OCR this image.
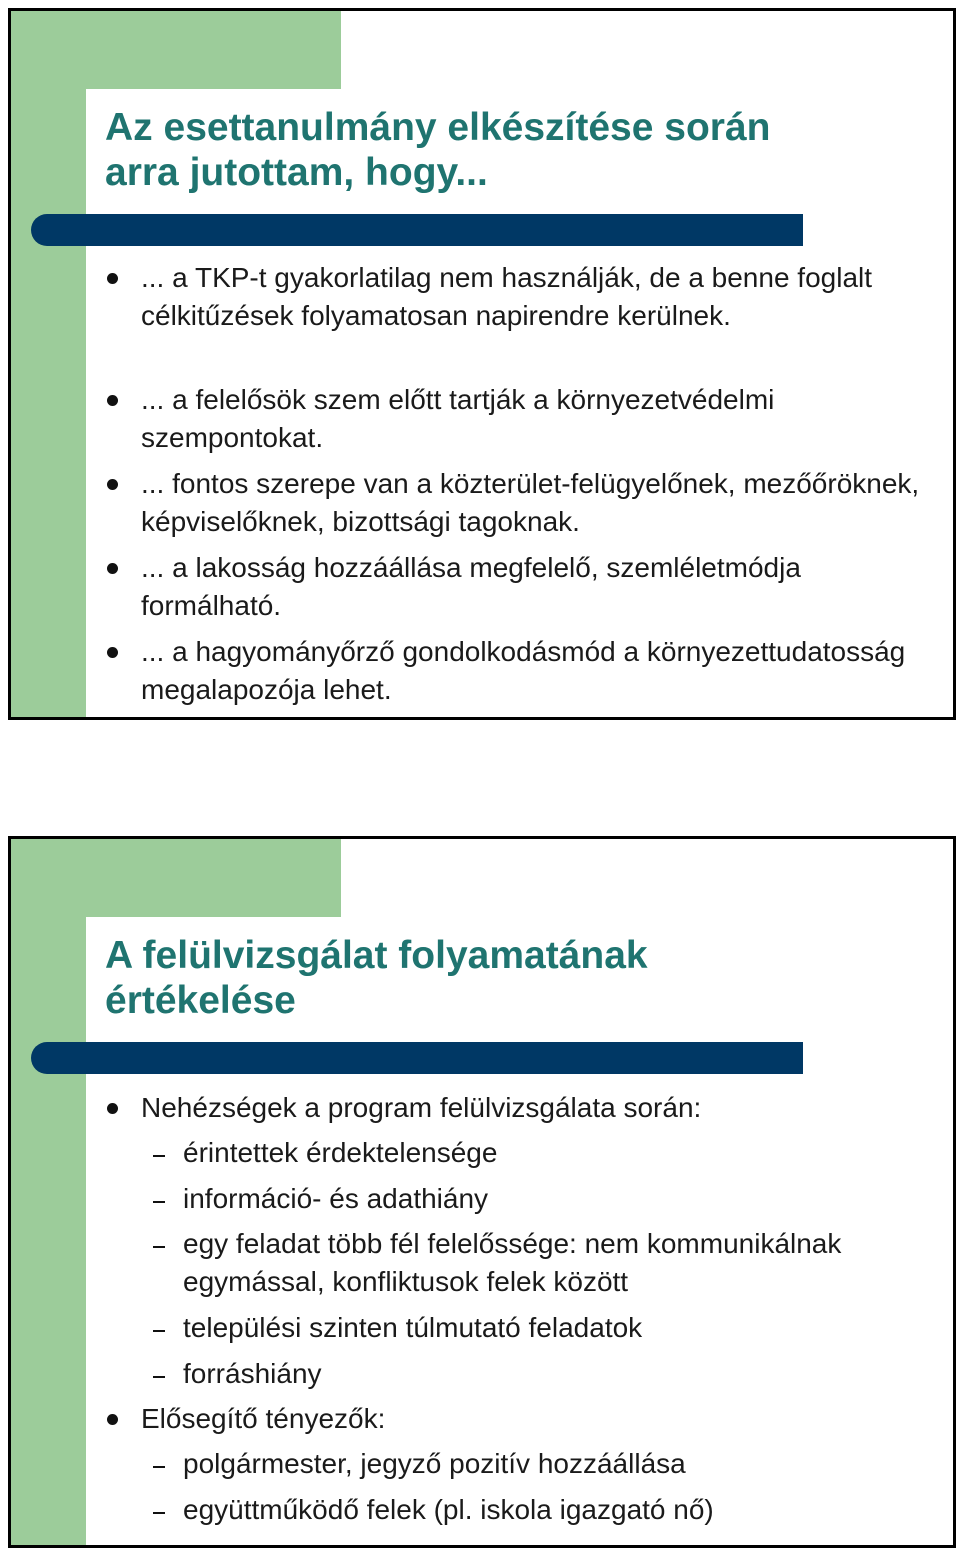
Az esettanulmány elkészítése során
arra jutottam, hogy...
... a TKP-t gyakorlatilag nem használják, de a benne foglalt célkitűzések folyamatosan napirendre kerülnek.
... a felelősök szem előtt tartják a környezetvédelmi szempontokat.
... fontos szerepe van a közterület-felügyelőnek, mezőőröknek, képviselőknek, bizottsági tagoknak.
... a lakosság hozzáállása megfelelő, szemléletmódja formálható.
... a hagyományőrző gondolkodásmód a környezettudatosság megalapozója lehet.
A felülvizsgálat folyamatának
értékelése
Nehézségek a program felülvizsgálata során:
érintettek érdektelensége
információ- és adathiány
egy feladat több fél felelőssége: nem kommunikálnak egymással, konfliktusok felek között
települési szinten túlmutató feladatok
forráshiány
Elősegítő tényezők:
polgármester, jegyző pozitív hozzáállása
együttműködő felek (pl. iskola igazgató nő)
